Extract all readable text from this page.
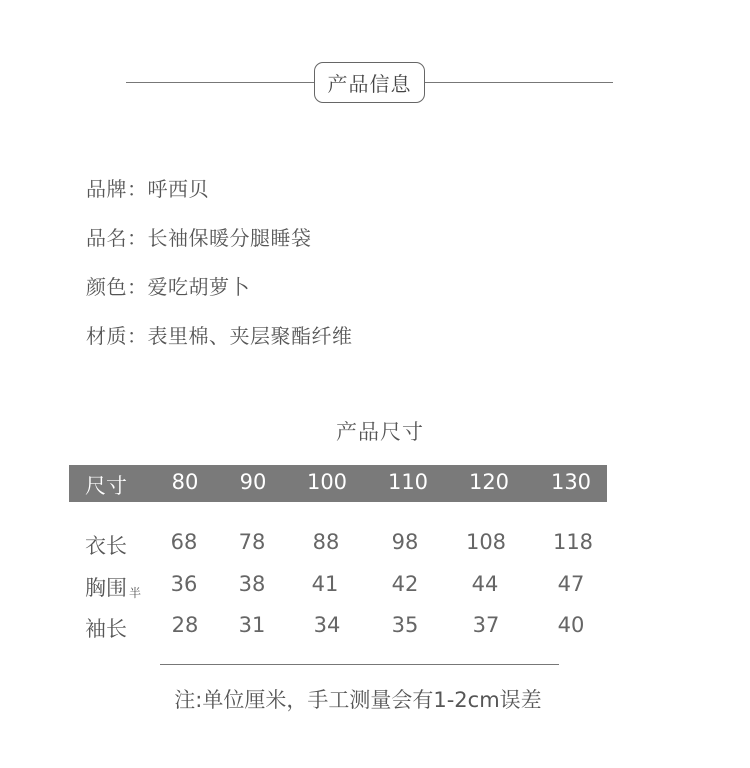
产品信息
品牌 ： 呼西贝
品名 ： 长袖保暖分腿睡袋
颜色 ： 爱吃胡萝卜
材质 ： 表里棉、夹层聚酯纤维
产品尺寸
尺寸 80 90 100 110 120 130
衣长 68 78 88 98 108 118
胸围 半 36 38 41	42	44	47
袖长 28 31 34 35	37	40
注:单位厘米，手工测量会有1-2cm误差
